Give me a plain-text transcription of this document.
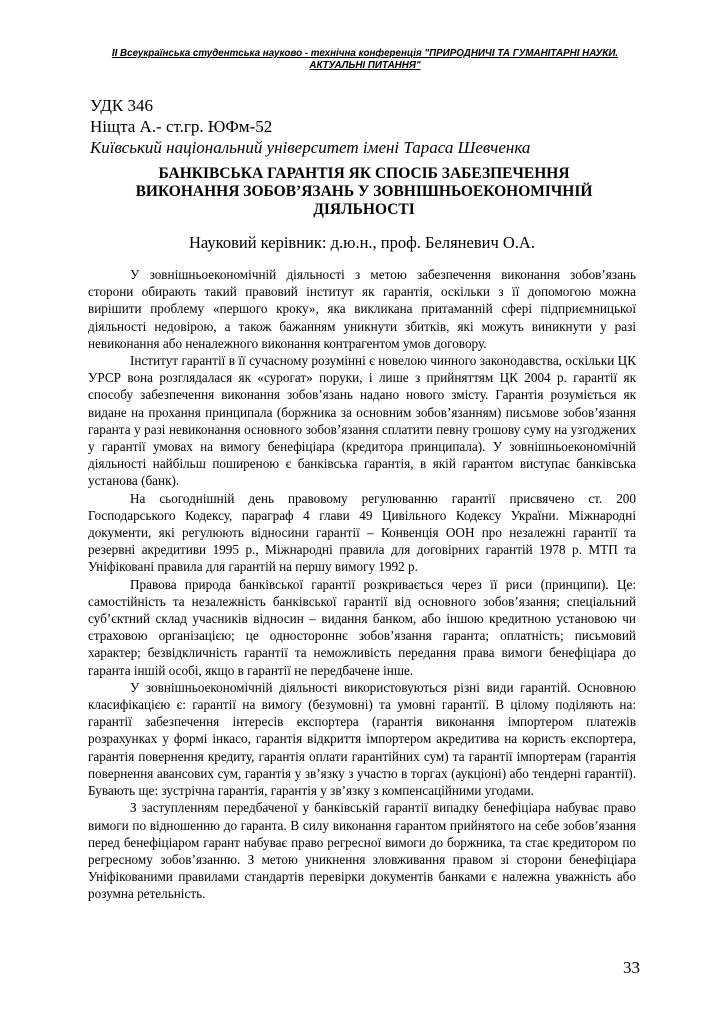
II Всеукраїнська студентська науково - технічна конференція "ПРИРОДНИЧІ ТА ГУМАНІТАРНІ НАУКИ.
АКТУАЛЬНІ ПИТАННЯ"
УДК 346
Ніщта А.- ст.гр. ЮФм-52
Київський національний університет імені Тараса Шевченка
БАНКІВСЬКА ГАРАНТІЯ ЯК СПОСІБ ЗАБЕЗПЕЧЕННЯ
ВИКОНАННЯ ЗОБОВ’ЯЗАНЬ У ЗОВНІШНЬОЕКОНОМІЧНІЙ
ДІЯЛЬНОСТІ
Науковий керівник: д.ю.н., проф. Беляневич О.А.

У зовнішньоекономічній діяльності з метою забезпечення виконання зобов’язань сторони обирають такий правовий інститут як гарантія, оскільки з її допомогою можна вирішити проблему «першого кроку», яка викликана притаманній сфері підприємницької діяльності недовірою, а також бажанням уникнути збитків, які можуть виникнути у разі невиконання або неналежного виконання контрагентом умов договору.

Інститут гарантії в її сучасному розумінні є новелою чинного законодавства, оскільки ЦК УРСР вона розглядалася як «сурогат» поруки, і лише з прийняттям ЦК 2004 р. гарантії як способу забезпечення виконання зобов’язань надано нового змісту. Гарантія розуміється як видане на прохання принципала (боржника за основним зобов’язанням) письмове зобов’язання гаранта у разі невиконання основного зобов’язання сплатити певну грошову суму на узгоджених у гарантії умовах на вимогу бенефіціара (кредитора принципала). У зовнішньоекономічній діяльності найбільш поширеною є банківська гарантія, в якій гарантом виступає банківська установа (банк).

На сьогоднішній день правовому регулюванню гарантії присвячено ст. 200 Господарського Кодексу, параграф 4 глави 49 Цивільного Кодексу України. Міжнародні документи, які регулюють відносини гарантії – Конвенція ООН про незалежні гарантії та резервні акредитиви 1995 р., Міжнародні правила для договірних гарантій 1978 р. МТП та Уніфіковані правила для гарантій на першу вимогу 1992 р.

Правова природа банківської гарантії розкривається через її риси (принципи). Це: самостійність та незалежність банківської гарантії від основного зобов’язання; спеціальний суб’єктний склад учасників відносин – видання банком, або іншою кредитною установою чи страховою організацією; це одностороннє зобов’язання гаранта; оплатність; письмовий характер; безвідкличність гарантії та неможливість передання права вимоги бенефіціара до гаранта іншій особі, якщо в гарантії не передбачене інше.

У зовнішньоекономічній діяльності використовуються різні види гарантій. Основною класифікацією є: гарантії на вимогу (безумовні) та умовні гарантії. В цілому поділяють на: гарантії забезпечення інтересів експортера (гарантія виконання імпортером платежів розрахунках у формі інкасо, гарантія відкриття імпортером акредитива на користь експортера, гарантія повернення кредиту, гарантія оплати гарантійних сум) та гарантії імпортерам (гарантія повернення авансових сум, гарантія у зв’язку з участю в торгах (аукціоні) або тендерні гарантії). Бувають ще: зустрічна гарантія, гарантія у зв’язку з компенсаційними угодами.

З заступленням передбаченої у банківській гарантії випадку бенефіціара набуває право вимоги по відношенню до гаранта. В силу виконання гарантом прийнятого на себе зобов’язання перед бенефіціаром гарант набуває право регресної вимоги до боржника, та стає кредитором по регресному зобов’язанню. З метою уникнення зловживання правом зі сторони бенефіціара Уніфікованими правилами стандартів перевірки документів банками є належна уважність або розумна ретельність.

33
